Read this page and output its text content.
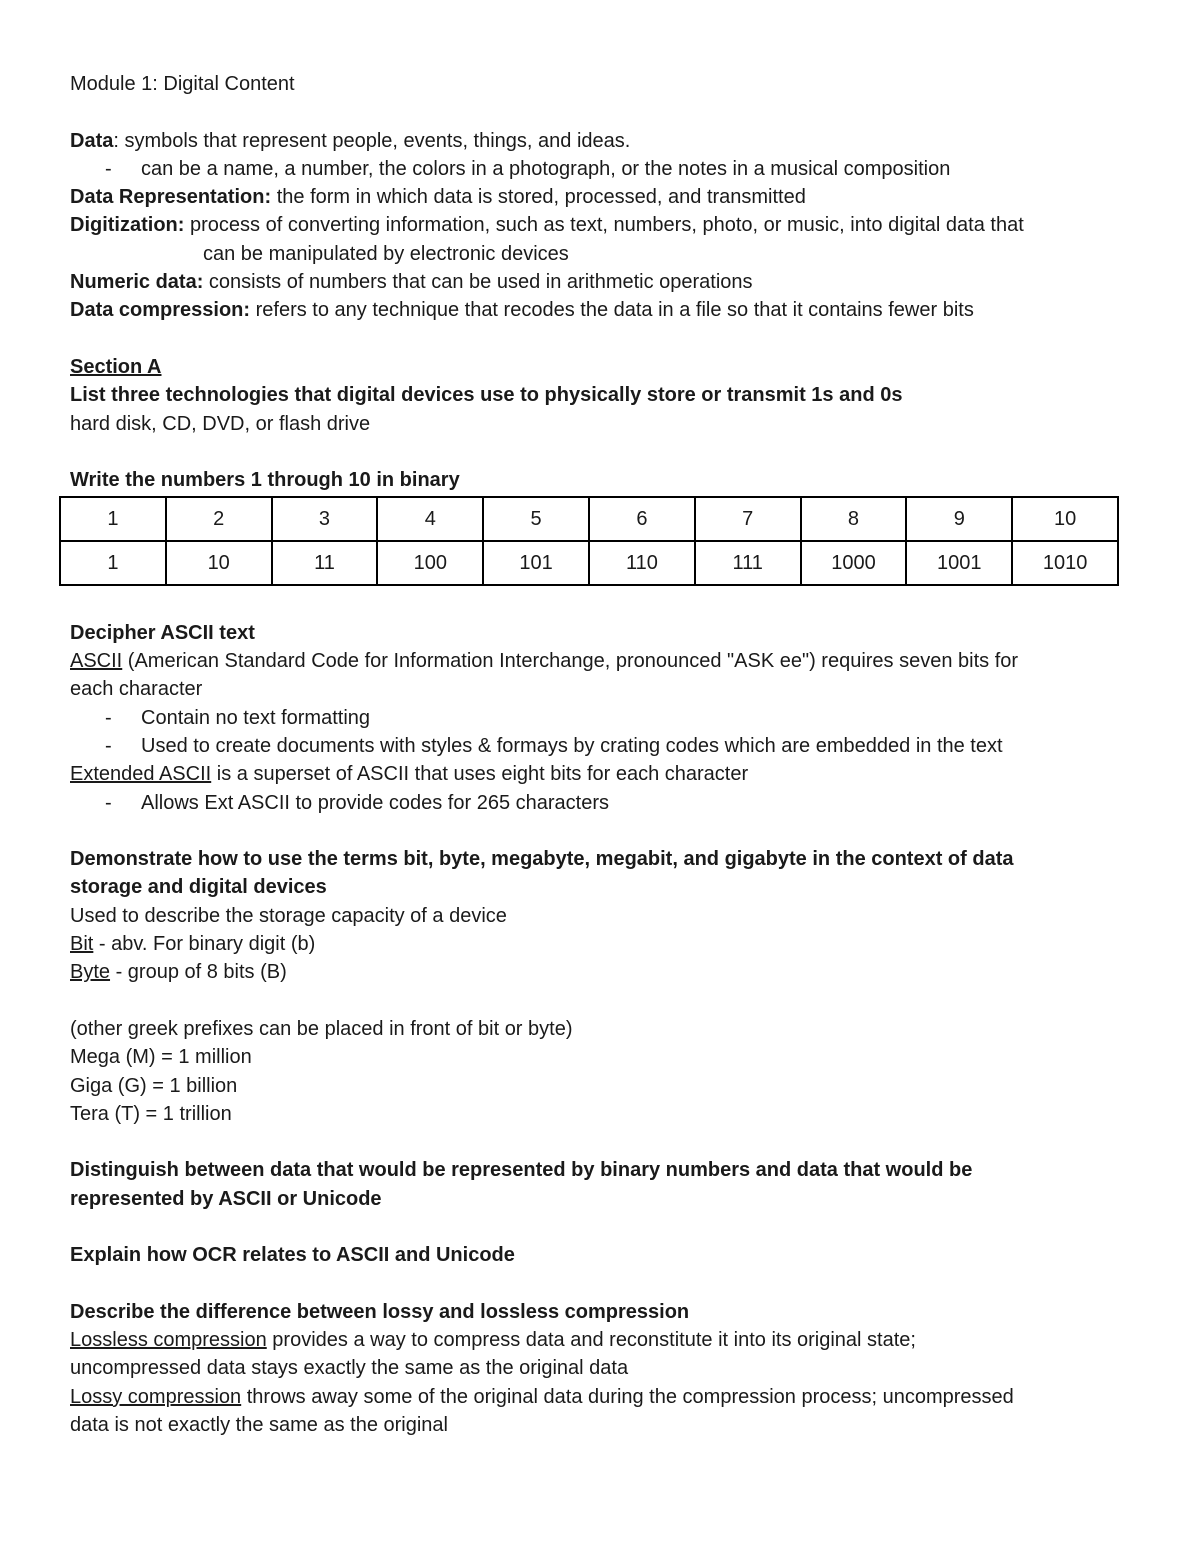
Module 1: Digital Content
Data: symbols that represent people, events, things, and ideas.
- can be a name, a number, the colors in a photograph, or the notes in a musical composition
Data Representation: the form in which data is stored, processed, and transmitted
Digitization: process of converting information, such as text, numbers, photo, or music, into digital data that
can be manipulated by electronic devices
Numeric data: consists of numbers that can be used in arithmetic operations
Data compression: refers to any technique that recodes the data in a file so that it contains fewer bits
Section A
List three technologies that digital devices use to physically store or transmit 1s and 0s
hard disk, CD, DVD, or flash drive
Write the numbers 1 through 10 in binary
1	2	3	4	5	6	7	8	9	10
1	10	11	100	101	110	111	1000	1001	1010
Decipher ASCII text
ASCII (American Standard Code for Information Interchange, pronounced "ASK ee") requires seven bits for
each character
- Contain no text formatting
- Used to create documents with styles & formays by crating codes which are embedded in the text
Extended ASCII is a superset of ASCII that uses eight bits for each character
- Allows Ext ASCII to provide codes for 265 characters
Demonstrate how to use the terms bit, byte, megabyte, megabit, and gigabyte in the context of data
storage and digital devices
Used to describe the storage capacity of a device
Bit - abv. For binary digit (b)
Byte - group of 8 bits (B)
(other greek prefixes can be placed in front of bit or byte)
Mega (M) = 1 million
Giga (G) = 1 billion
Tera (T) = 1 trillion
Distinguish between data that would be represented by binary numbers and data that would be
represented by ASCII or Unicode
Explain how OCR relates to ASCII and Unicode
Describe the difference between lossy and lossless compression
Lossless compression provides a way to compress data and reconstitute it into its original state;
uncompressed data stays exactly the same as the original data
Lossy compression throws away some of the original data during the compression process; uncompressed
data is not exactly the same as the original
